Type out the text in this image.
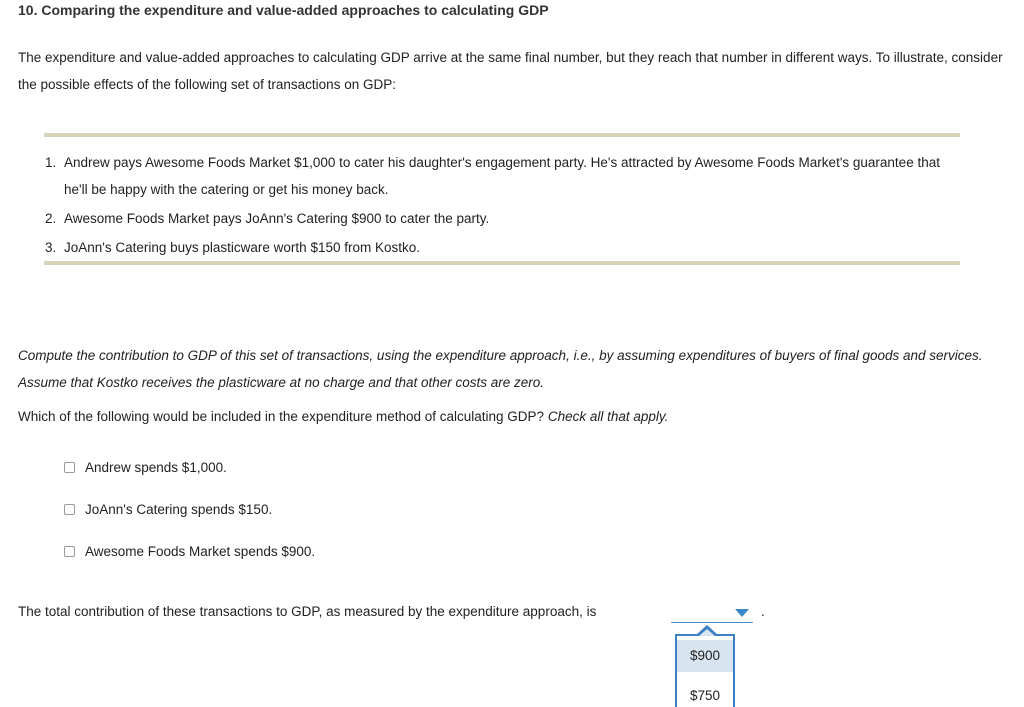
10. Comparing the expenditure and value-added approaches to calculating GDP
The expenditure and value-added approaches to calculating GDP arrive at the same final number, but they reach that number in different ways. To illustrate, consider the possible effects of the following set of transactions on GDP:
1. Andrew pays Awesome Foods Market $1,000 to cater his daughter's engagement party. He's attracted by Awesome Foods Market's guarantee that he'll be happy with the catering or get his money back.
2. Awesome Foods Market pays JoAnn's Catering $900 to cater the party.
3. JoAnn's Catering buys plasticware worth $150 from Kostko.
Compute the contribution to GDP of this set of transactions, using the expenditure approach, i.e., by assuming expenditures of buyers of final goods and services. Assume that Kostko receives the plasticware at no charge and that other costs are zero.
Which of the following would be included in the expenditure method of calculating GDP? Check all that apply.
Andrew spends $1,000.
JoAnn's Catering spends $150.
Awesome Foods Market spends $900.
The total contribution of these transactions to GDP, as measured by the expenditure approach, is	.
$900
$750
